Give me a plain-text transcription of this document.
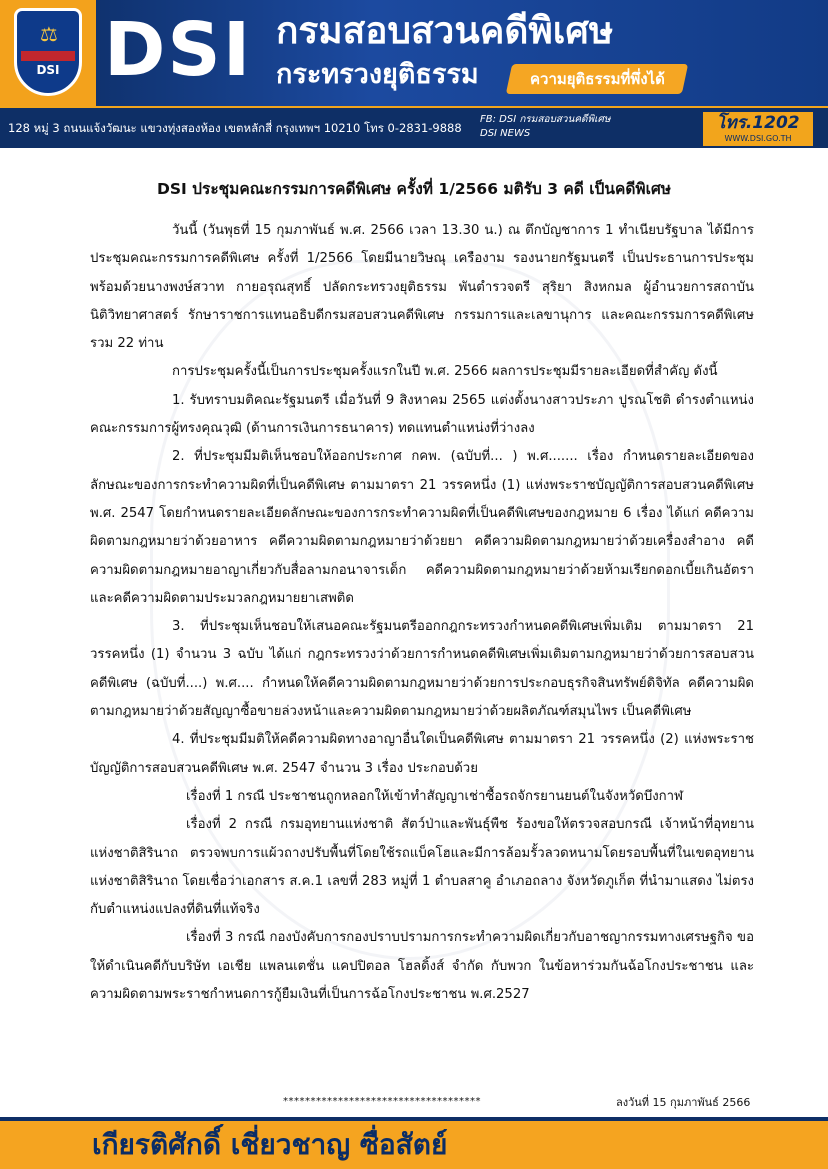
⚖
DSI DSI กรมสอบสวนคดีพิเศษ
กระทรวงยุติธรรม	ความยุติธรรมที่พึ่งได้
128 หมู่ 3 ถนนแจ้งวัฒนะ แขวงทุ่งสองห้อง เขตหลักสี่ กรุงเทพฯ 10210 โทร 0-2831-9888
FB: DSI กรมสอบสวนคดีพิเศษ
DSI NEWS
โทร.1202
WWW.DSI.GO.TH
DSI ประชุมคณะกรรมการคดีพิเศษ ครั้งที่ 1/2566 มติรับ 3 คดี เป็นคดีพิเศษ

วันนี้ (วันพุธที่ 15 กุมภาพันธ์ พ.ศ. 2566 เวลา 13.30 น.) ณ ตึกบัญชาการ 1 ทำเนียบรัฐบาล ได้มีการประชุมคณะกรรมการคดีพิเศษ ครั้งที่ 1/2566 โดยมีนายวิษณุ เครืองาม รองนายกรัฐมนตรี เป็นประธานการประชุม พร้อมด้วยนางพงษ์สวาท กายอรุณสุทธิ์ ปลัดกระทรวงยุติธรรม พันตำรวจตรี สุริยา สิงหกมล ผู้อำนวยการสถาบันนิติวิทยาศาสตร์ รักษาราชการแทนอธิบดีกรมสอบสวนคดีพิเศษ กรรมการและเลขานุการ และคณะกรรมการคดีพิเศษ รวม 22 ท่าน

การประชุมครั้งนี้เป็นการประชุมครั้งแรกในปี พ.ศ. 2566 ผลการประชุมมีรายละเอียดที่สำคัญ ดังนี้

1. รับทราบมติคณะรัฐมนตรี เมื่อวันที่ 9 สิงหาคม 2565 แต่งตั้งนางสาวประภา ปูรณโชติ ดำรงตำแหน่งคณะกรรมการผู้ทรงคุณวุฒิ (ด้านการเงินการธนาคาร) ทดแทนตำแหน่งที่ว่างลง

2. ที่ประชุมมีมติเห็นชอบให้ออกประกาศ กคพ. (ฉบับที่... ) พ.ศ....... เรื่อง กำหนดรายละเอียดของลักษณะของการกระทำความผิดที่เป็นคดีพิเศษ ตามมาตรา 21 วรรคหนึ่ง (1) แห่งพระราชบัญญัติการสอบสวนคดีพิเศษ พ.ศ. 2547 โดยกำหนดรายละเอียดลักษณะของการกระทำความผิดที่เป็นคดีพิเศษของกฎหมาย 6 เรื่อง ได้แก่ คดีความผิดตามกฎหมายว่าด้วยอาหาร คดีความผิดตามกฎหมายว่าด้วยยา คดีความผิดตามกฎหมายว่าด้วยเครื่องสำอาง คดีความผิดตามกฎหมายอาญาเกี่ยวกับสื่อลามกอนาจารเด็ก คดีความผิดตามกฎหมายว่าด้วยห้ามเรียกดอกเบี้ยเกินอัตราและคดีความผิดตามประมวลกฎหมายยาเสพติด

3. ที่ประชุมเห็นชอบให้เสนอคณะรัฐมนตรีออกกฎกระทรวงกำหนดคดีพิเศษเพิ่มเติม ตามมาตรา 21 วรรคหนึ่ง (1) จำนวน 3 ฉบับ ได้แก่ กฎกระทรวงว่าด้วยการกำหนดคดีพิเศษเพิ่มเติมตามกฎหมายว่าด้วยการสอบสวนคดีพิเศษ (ฉบับที่....) พ.ศ.... กำหนดให้คดีความผิดตามกฎหมายว่าด้วยการประกอบธุรกิจสินทรัพย์ดิจิทัล คดีความผิดตามกฎหมายว่าด้วยสัญญาซื้อขายล่วงหน้าและความผิดตามกฎหมายว่าด้วยผลิตภัณฑ์สมุนไพร เป็นคดีพิเศษ

4. ที่ประชุมมีมติให้คดีความผิดทางอาญาอื่นใดเป็นคดีพิเศษ ตามมาตรา 21 วรรคหนึ่ง (2) แห่งพระราชบัญญัติการสอบสวนคดีพิเศษ พ.ศ. 2547 จำนวน 3 เรื่อง ประกอบด้วย

เรื่องที่ 1 กรณี ประชาชนถูกหลอกให้เข้าทำสัญญาเช่าซื้อรถจักรยานยนต์ในจังหวัดบึงกาฬ

เรื่องที่ 2 กรณี กรมอุทยานแห่งชาติ สัตว์ป่าและพันธุ์พืช ร้องขอให้ตรวจสอบกรณี เจ้าหน้าที่อุทยานแห่งชาติสิรินาถ ตรวจพบการแผ้วถางปรับพื้นที่โดยใช้รถแบ็คโฮและมีการล้อมรั้วลวดหนามโดยรอบพื้นที่ในเขตอุทยานแห่งชาติสิรินาถ โดยเชื่อว่าเอกสาร ส.ค.1 เลขที่ 283 หมู่ที่ 1 ตำบลสาคู อำเภอถลาง จังหวัดภูเก็ต ที่นำมาแสดง ไม่ตรงกับตำแหน่งแปลงที่ดินที่แท้จริง

เรื่องที่ 3 กรณี กองบังคับการกองปราบปรามการกระทำความผิดเกี่ยวกับอาชญากรรมทางเศรษฐกิจ ขอให้ดำเนินคดีกับบริษัท เอเชีย แพลนเตชั่น แคปปิตอล โฮลดิ้งส์ จำกัด กับพวก ในข้อหาร่วมกันฉ้อโกงประชาชน และความผิดตามพระราชกำหนดการกู้ยืมเงินที่เป็นการฉ้อโกงประชาชน พ.ศ.2527

************************************	ลงวันที่ 15 กุมภาพันธ์ 2566
เกียรติศักดิ์ เชี่ยวชาญ ซื่อสัตย์
